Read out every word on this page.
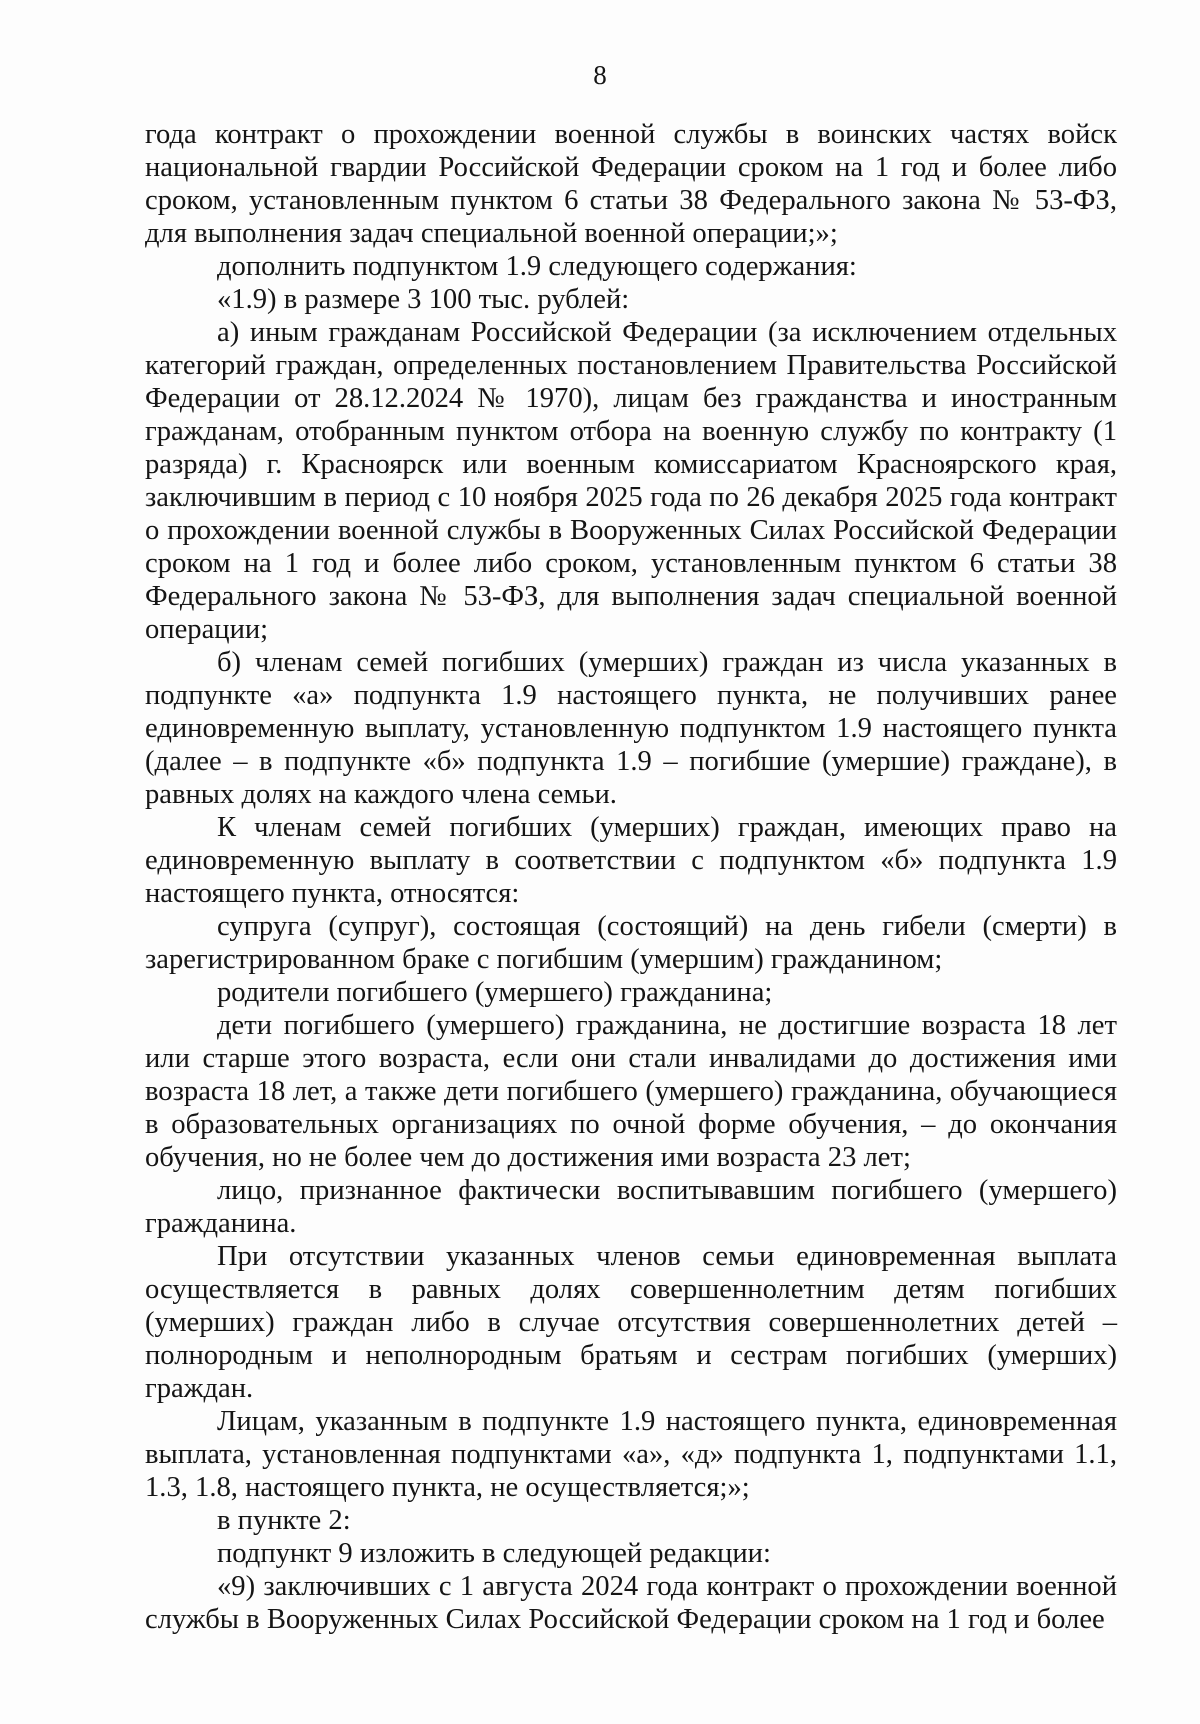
8

года контракт о прохождении военной службы в воинских частях войск национальной гвардии Российской Федерации сроком на 1 год и более либо сроком, установленным пунктом 6 статьи 38 Федерального закона № 53-ФЗ, для выполнения задач специальной военной операции;»;

дополнить подпунктом 1.9 следующего содержания:

«1.9) в размере 3 100 тыс. рублей:

а) иным гражданам Российской Федерации (за исключением отдельных категорий граждан, определенных постановлением Правительства Российской Федерации от 28.12.2024 № 1970), лицам без гражданства и иностранным гражданам, отобранным пунктом отбора на военную службу по контракту (1 разряда) г. Красноярск или военным комиссариатом Красноярского края, заключившим в период с 10 ноября 2025 года по 26 декабря 2025 года контракт о прохождении военной службы в Вооруженных Силах Российской Федерации сроком на 1 год и более либо сроком, установленным пунктом 6 статьи 38 Федерального закона № 53-ФЗ, для выполнения задач специальной военной операции;

б) членам семей погибших (умерших) граждан из числа указанных в подпункте «а» подпункта 1.9 настоящего пункта, не получивших ранее единовременную выплату, установленную подпунктом 1.9 настоящего пункта (далее – в подпункте «б» подпункта 1.9 – погибшие (умершие) граждане), в равных долях на каждого члена семьи.

К членам семей погибших (умерших) граждан, имеющих право на единовременную выплату в соответствии с подпунктом «б» подпункта 1.9 настоящего пункта, относятся:

супруга (супруг), состоящая (состоящий) на день гибели (смерти) в зарегистрированном браке с погибшим (умершим) гражданином;

родители погибшего (умершего) гражданина;

дети погибшего (умершего) гражданина, не достигшие возраста 18 лет или старше этого возраста, если они стали инвалидами до достижения ими возраста 18 лет, а также дети погибшего (умершего) гражданина, обучающиеся в образовательных организациях по очной форме обучения, – до окончания обучения, но не более чем до достижения ими возраста 23 лет;

лицо, признанное фактически воспитывавшим погибшего (умершего) гражданина.

При отсутствии указанных членов семьи единовременная выплата осуществляется в равных долях совершеннолетним детям погибших (умерших) граждан либо в случае отсутствия совершеннолетних детей – полнородным и неполнородным братьям и сестрам погибших (умерших) граждан.

Лицам, указанным в подпункте 1.9 настоящего пункта, единовременная выплата, установленная подпунктами «а», «д» подпункта 1, подпунктами 1.1, 1.3, 1.8, настоящего пункта, не осуществляется;»;

в пункте 2:

подпункт 9 изложить в следующей редакции:

«9) заключивших с 1 августа 2024 года контракт о прохождении военной службы в Вооруженных Силах Российской Федерации сроком на 1 год и более
